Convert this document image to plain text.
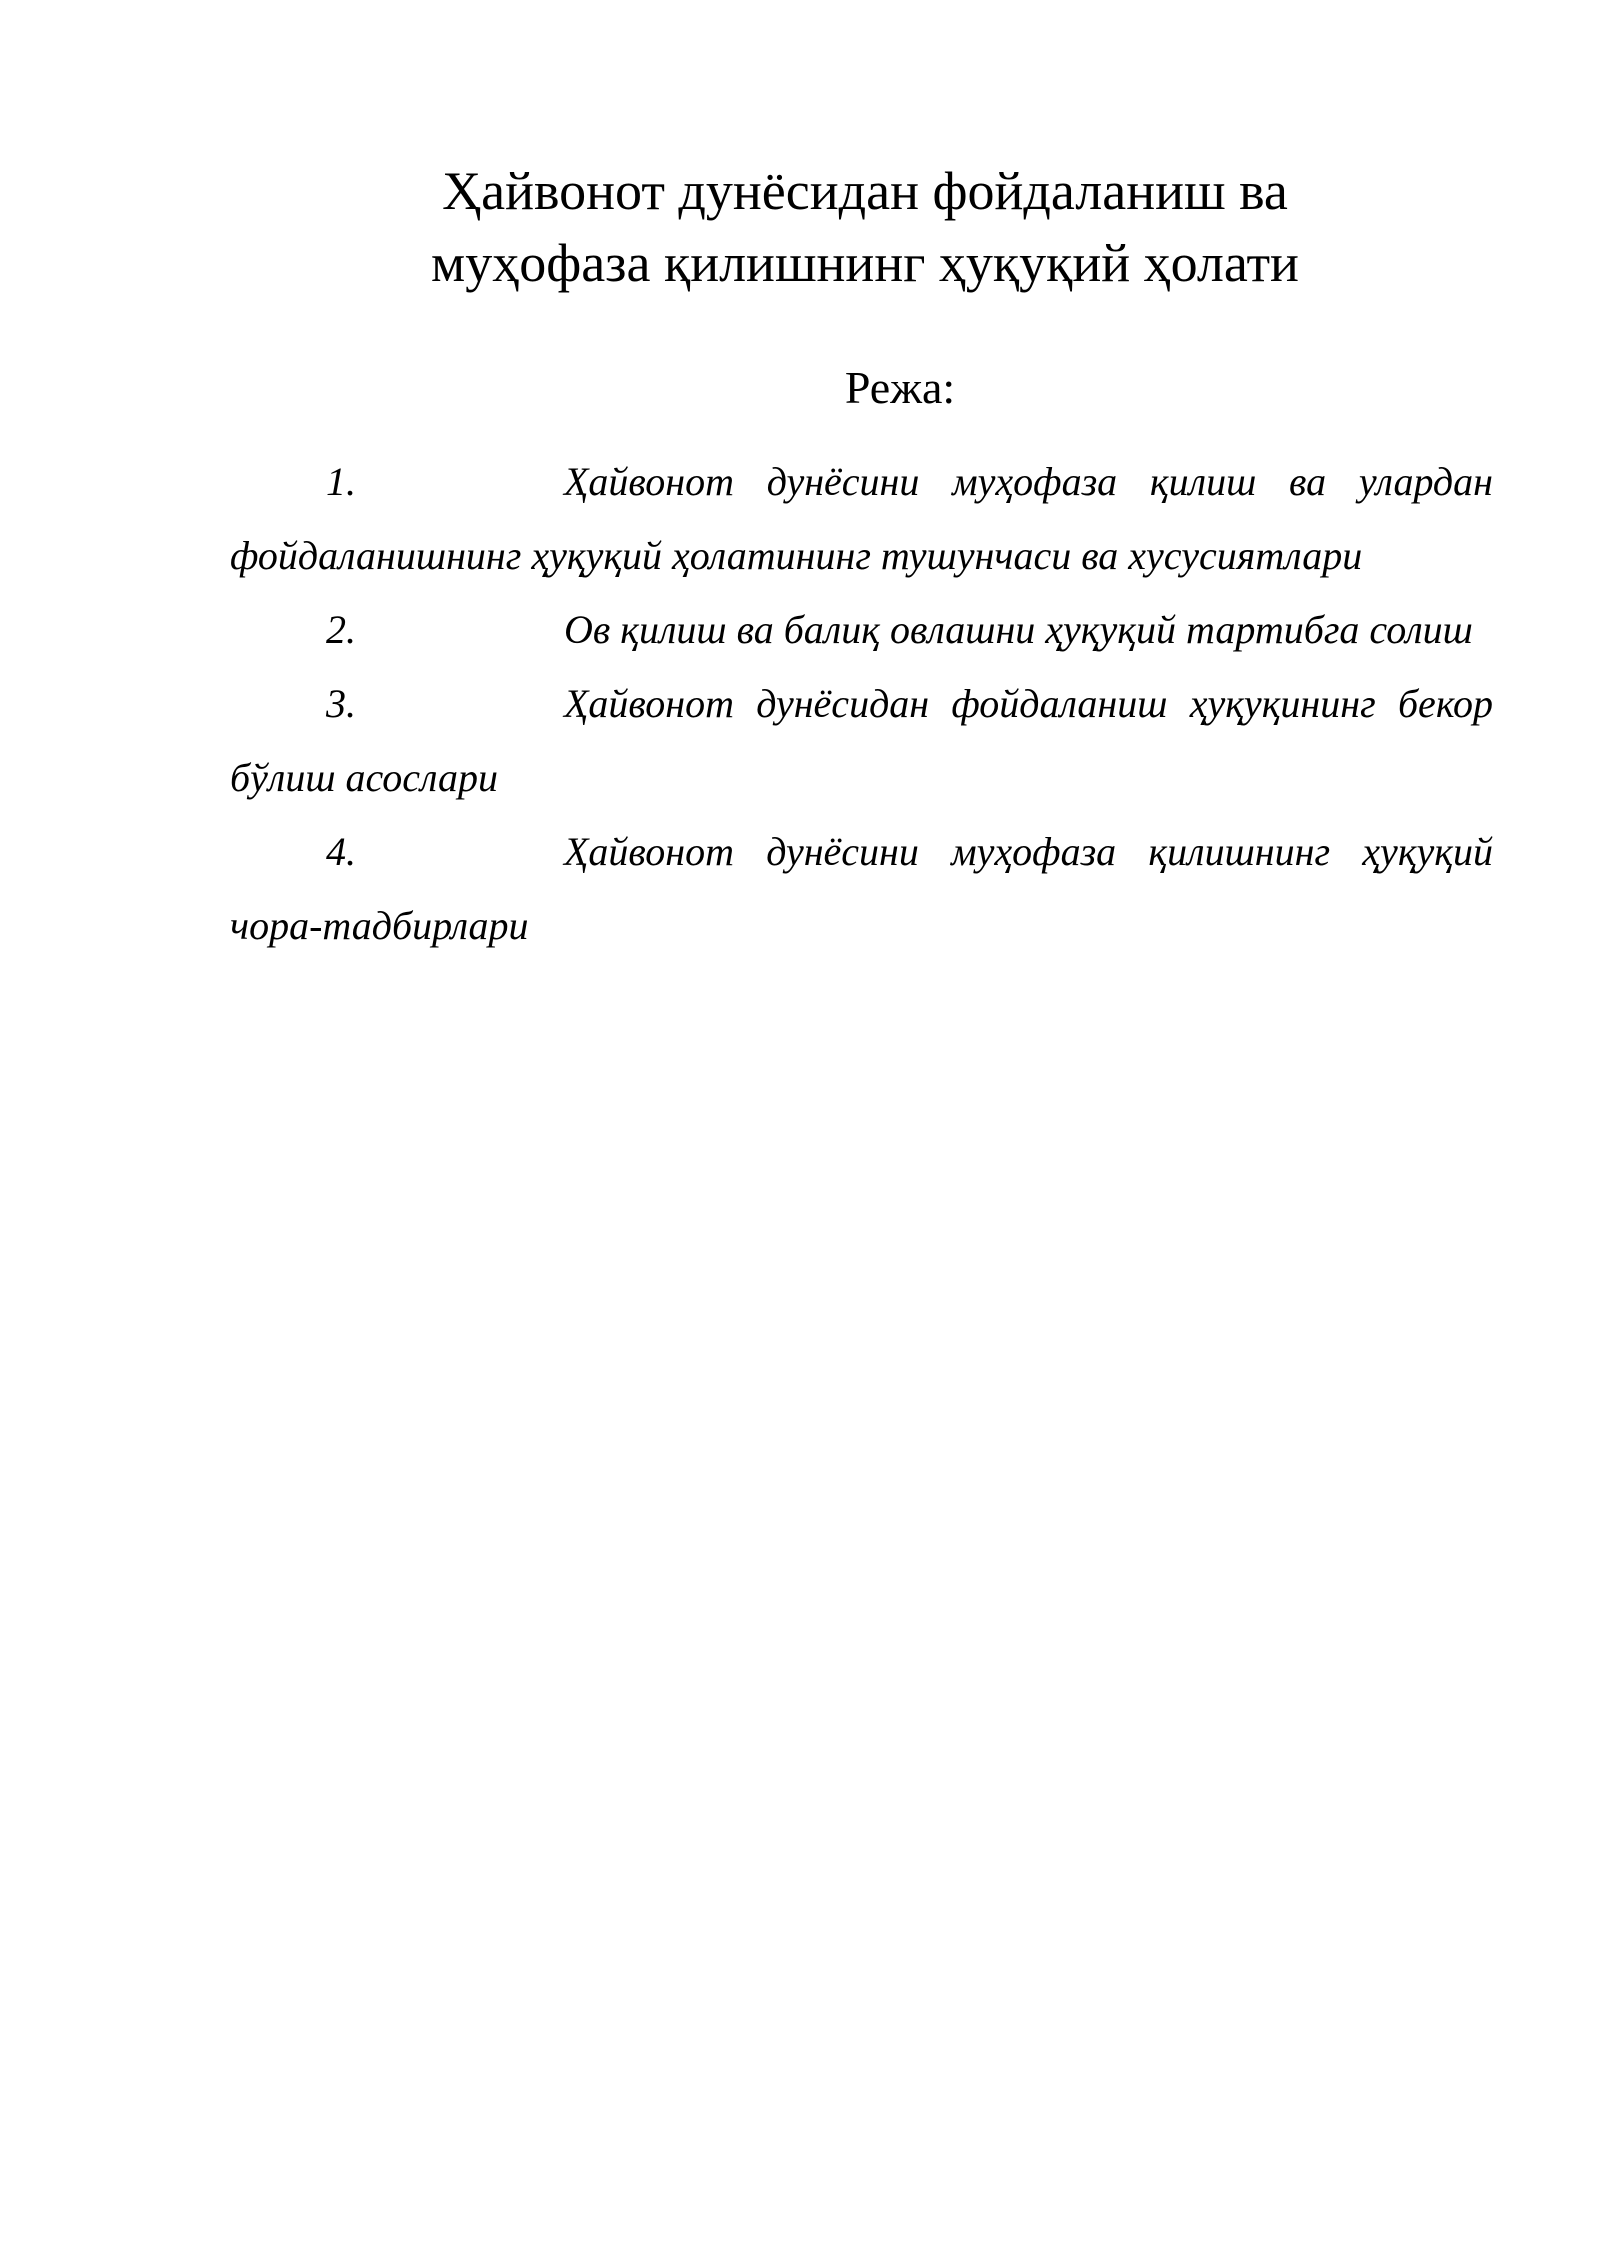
Ҳайвонот дунёсидан фойдаланиш ва
муҳофаза қилишнинг ҳуқуқий ҳолати
Режа:

1.	Ҳайвонот дунёсини муҳофаза қилиш ва улардан фойдаланишнинг ҳуқуқий ҳолатининг тушунчаси ва хусусиятлари

2.	Ов қилиш ва балиқ овлашни ҳуқуқий тартибга солиш

3.	Ҳайвонот дунёсидан фойдаланиш ҳуқуқининг бекор бўлиш асослари

4.	Ҳайвонот дунёсини муҳофаза қилишнинг ҳуқуқий чора-тадбирлари
